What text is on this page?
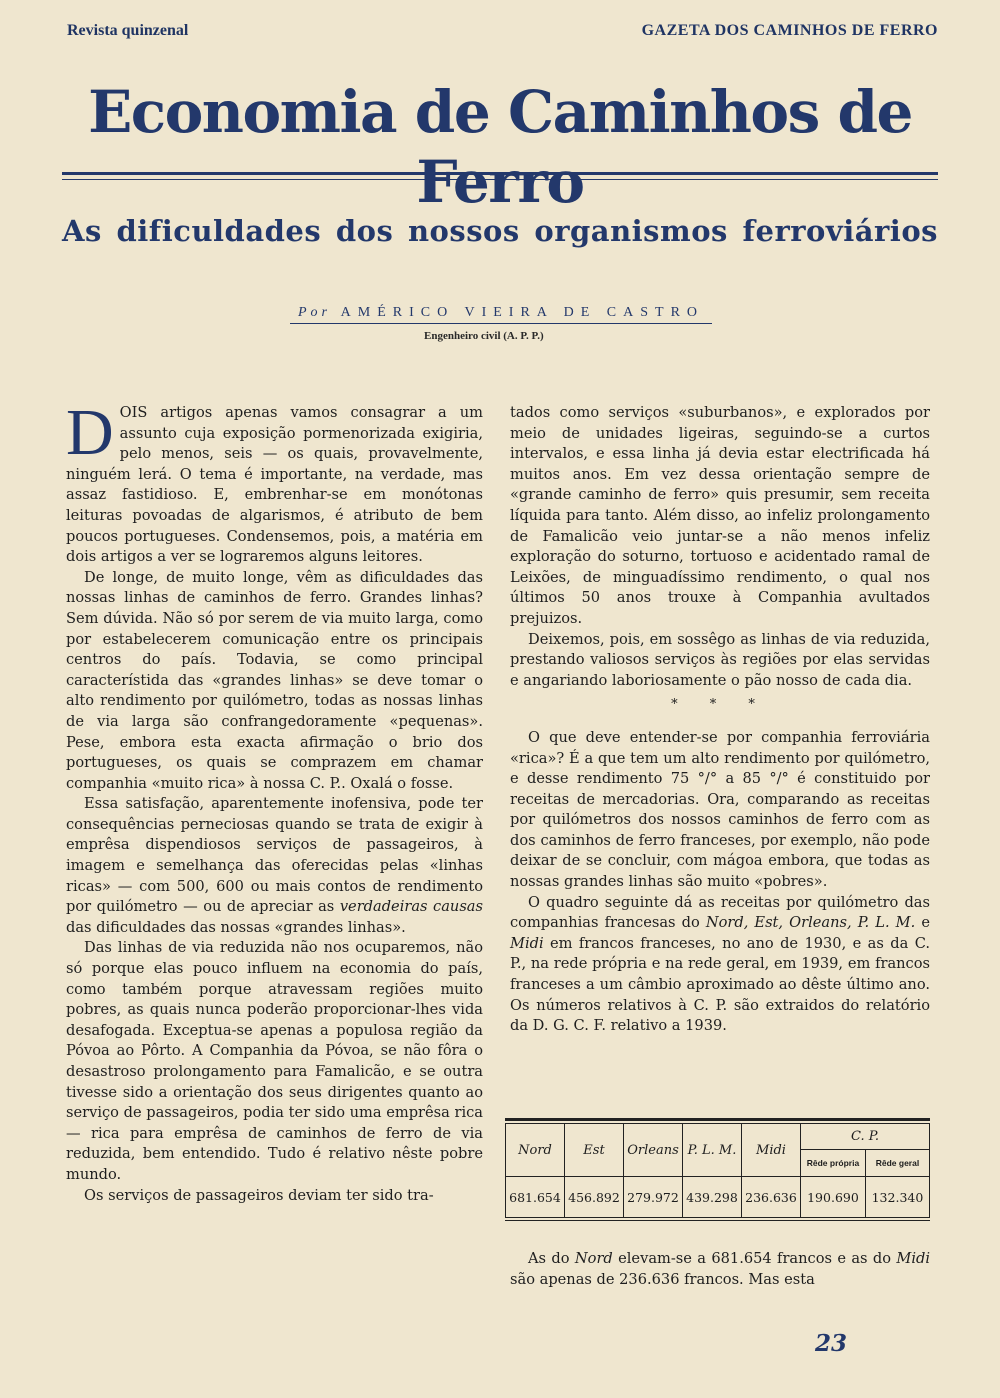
Revista quinzenal	GAZETA DOS CAMINHOS DE FERRO
Economia de Caminhos de Ferro
As dificuldades dos nossos organismos ferroviários
Por AMÉRICO VIEIRA DE CASTRO
Engenheiro civil (A. P. P.)

DOIS artigos apenas vamos consagrar a um assunto cuja exposição pormenorizada exigiria, pelo menos, seis — os quais, provavelmente, ninguém lerá. O tema é importante, na verdade, mas assaz fastidioso. E, embrenhar-se em monótonas leituras povoadas de algarismos, é atributo de bem poucos portugueses. Condensemos, pois, a matéria em dois artigos a ver se lograremos alguns leitores.

De longe, de muito longe, vêm as dificuldades das nossas linhas de caminhos de ferro. Grandes linhas? Sem dúvida. Não só por serem de via muito larga, como por estabelecerem comunicação entre os principais centros do país. Todavia, se como principal característida das «grandes linhas» se deve tomar o alto rendimento por quilómetro, todas as nossas linhas de via larga são confrangedoramente «pequenas». Pese, embora esta exacta afirmação o brio dos portugueses, os quais se comprazem em chamar companhia «muito rica» à nossa C. P.. Oxalá o fosse.

Essa satisfação, aparentemente inofensiva, pode ter consequências perneciosas quando se trata de exigir à emprêsa dispendiosos serviços de passageiros, à imagem e semelhança das oferecidas pelas «linhas ricas» — com 500, 600 ou mais contos de rendimento por quilómetro — ou de apreciar as verdadeiras causas das dificuldades das nossas «grandes linhas».

Das linhas de via reduzida não nos ocuparemos, não só porque elas pouco influem na economia do país, como também porque atravessam regiões muito pobres, as quais nunca poderão proporcionar-lhes vida desafogada. Exceptua-se apenas a populosa região da Póvoa ao Pôrto. A Companhia da Póvoa, se não fôra o desastroso prolongamento para Famalicão, e se outra tivesse sido a orientação dos seus dirigentes quanto ao serviço de passageiros, podia ter sido uma emprêsa rica — rica para emprêsa de caminhos de ferro de via reduzida, bem entendido. Tudo é relativo nêste pobre mundo.

Os serviços de passageiros deviam ter sido tra-

tados como serviços «suburbanos», e explorados por meio de unidades ligeiras, seguindo-se a curtos intervalos, e essa linha já devia estar electrificada há muitos anos. Em vez dessa orientação sempre de «grande caminho de ferro» quis presumir, sem receita líquida para tanto. Além disso, ao infeliz prolongamento de Famalicão veio juntar-se a não menos infeliz exploração do soturno, tortuoso e acidentado ramal de Leixões, de minguadíssimo rendimento, o qual nos últimos 50 anos trouxe à Companhia avultados prejuizos.

Deixemos, pois, em sossêgo as linhas de via reduzida, prestando valiosos serviços às regiões por elas servidas e angariando laboriosamente o pão nosso de cada dia.

* * *

O que deve entender-se por companhia ferroviária «rica»? É a que tem um alto rendimento por quilómetro, e desse rendimento 75 °/° a 85 °/° é constituido por receitas de mercadorias. Ora, comparando as receitas por quilómetros dos nossos caminhos de ferro com as dos caminhos de ferro franceses, por exemplo, não pode deixar de se concluir, com mágoa embora, que todas as nossas grandes linhas são muito «pobres».

O quadro seguinte dá as receitas por quilómetro das companhias francesas do Nord, Est, Orleans, P. L. M. e Midi em francos franceses, no ano de 1930, e as da C. P., na rede própria e na rede geral, em 1939, em francos franceses a um câmbio aproximado ao dêste último ano. Os números relativos à C. P. são extraidos do relatório da D. G. C. F. relativo a 1939.

Nord	Est	Orleans	P. L. M.	Midi	C. P.	
					Rêde própria	Rêde geral
681.654	456.892	279.972	439.298	236.636	190.690	132.340

As do Nord elevam-se a 681.654 francos e as do Midi são apenas de 236.636 francos. Mas esta

23
